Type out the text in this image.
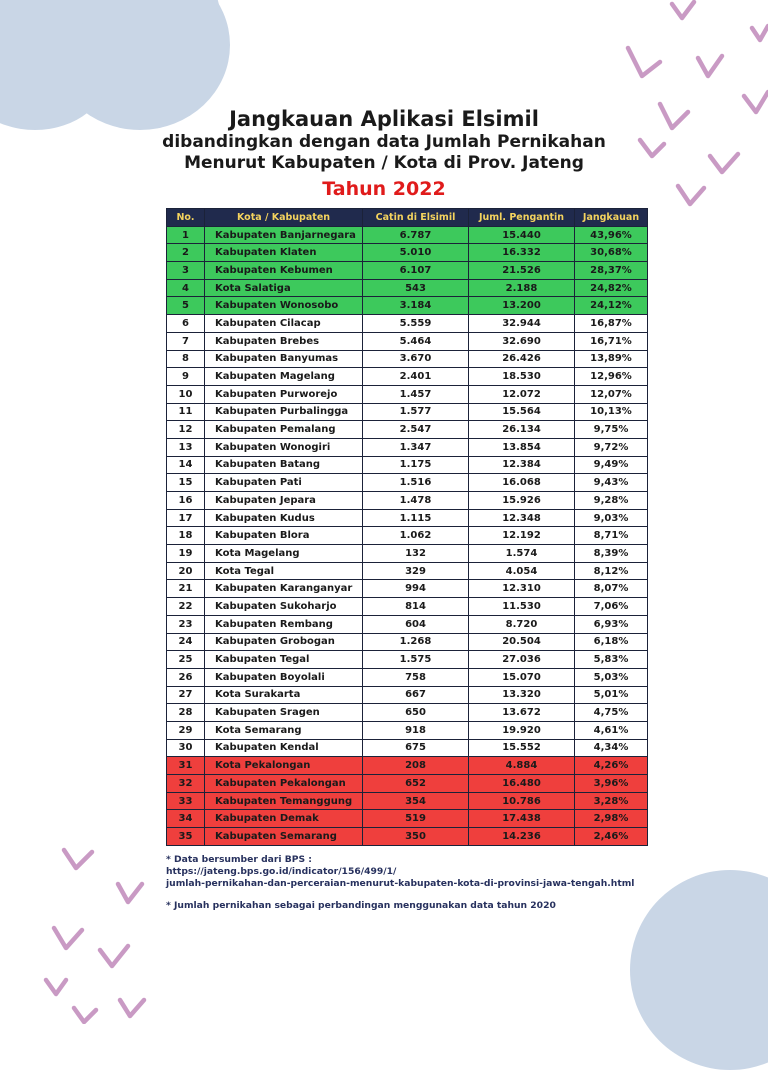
Jangkauan Aplikasi Elsimil
dibandingkan dengan data Jumlah Pernikahan
Menurut Kabupaten / Kota di Prov. Jateng
Tahun 2022
No.	Kota / Kabupaten	Catin di Elsimil	Juml. Pengantin	Jangkauan
1	Kabupaten Banjarnegara	6.787	15.440	43,96%
2	Kabupaten Klaten	5.010	16.332	30,68%
3	Kabupaten Kebumen	6.107	21.526	28,37%
4	Kota Salatiga	543	2.188	24,82%
5	Kabupaten Wonosobo	3.184	13.200	24,12%
6	Kabupaten Cilacap	5.559	32.944	16,87%
7	Kabupaten Brebes	5.464	32.690	16,71%
8	Kabupaten Banyumas	3.670	26.426	13,89%
9	Kabupaten Magelang	2.401	18.530	12,96%
10	Kabupaten Purworejo	1.457	12.072	12,07%
11	Kabupaten Purbalingga	1.577	15.564	10,13%
12	Kabupaten Pemalang	2.547	26.134	9,75%
13	Kabupaten Wonogiri	1.347	13.854	9,72%
14	Kabupaten Batang	1.175	12.384	9,49%
15	Kabupaten Pati	1.516	16.068	9,43%
16	Kabupaten Jepara	1.478	15.926	9,28%
17	Kabupaten Kudus	1.115	12.348	9,03%
18	Kabupaten Blora	1.062	12.192	8,71%
19	Kota Magelang	132	1.574	8,39%
20	Kota Tegal	329	4.054	8,12%
21	Kabupaten Karanganyar	994	12.310	8,07%
22	Kabupaten Sukoharjo	814	11.530	7,06%
23	Kabupaten Rembang	604	8.720	6,93%
24	Kabupaten Grobogan	1.268	20.504	6,18%
25	Kabupaten Tegal	1.575	27.036	5,83%
26	Kabupaten Boyolali	758	15.070	5,03%
27	Kota Surakarta	667	13.320	5,01%
28	Kabupaten Sragen	650	13.672	4,75%
29	Kota Semarang	918	19.920	4,61%
30	Kabupaten Kendal	675	15.552	4,34%
31	Kota Pekalongan	208	4.884	4,26%
32	Kabupaten Pekalongan	652	16.480	3,96%
33	Kabupaten Temanggung	354	10.786	3,28%
34	Kabupaten Demak	519	17.438	2,98%
35	Kabupaten Semarang	350	14.236	2,46%
* Data bersumber dari BPS :
https://jateng.bps.go.id/indicator/156/499/1/
jumlah-pernikahan-dan-perceraian-menurut-kabupaten-kota-di-provinsi-jawa-tengah.html
* Jumlah pernikahan sebagai perbandingan menggunakan data tahun 2020
